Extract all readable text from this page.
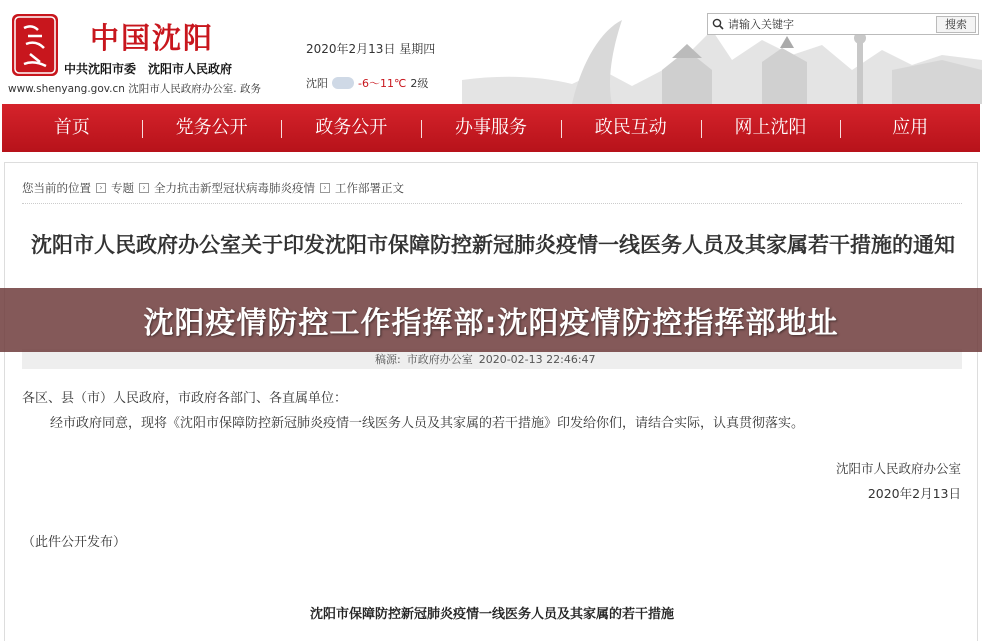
中国沈阳
中共沈阳市委　沈阳市人民政府
www.shenyang.gov.cn 沈阳市人民政府办公室. 政务
2020年2月13日 星期四
沈阳	-6～11℃ 2级
请输入关键字
搜索
首页	党务公开	政务公开	办事服务	政民互动	网上沈阳	应用
您当前的位置	› 专题	› 全力抗击新型冠状病毒肺炎疫情	› 工作部署正文
沈阳市人民政府办公室关于印发沈阳市保障防控新冠肺炎疫情一线医务人员及其家属若干措施的通知
稿源: 市政府办公室 2020-02-13 22:46:47
各区、县（市）人民政府，市政府各部门、各直属单位：
经市政府同意，现将《沈阳市保障防控新冠肺炎疫情一线医务人员及其家属的若干措施》印发给你们，请结合实际，认真贯彻落实。
沈阳市人民政府办公室
2020年2月13日
（此件公开发布）
沈阳市保障防控新冠肺炎疫情一线医务人员及其家属的若干措施
沈阳疫情防控工作指挥部:沈阳疫情防控指挥部地址
